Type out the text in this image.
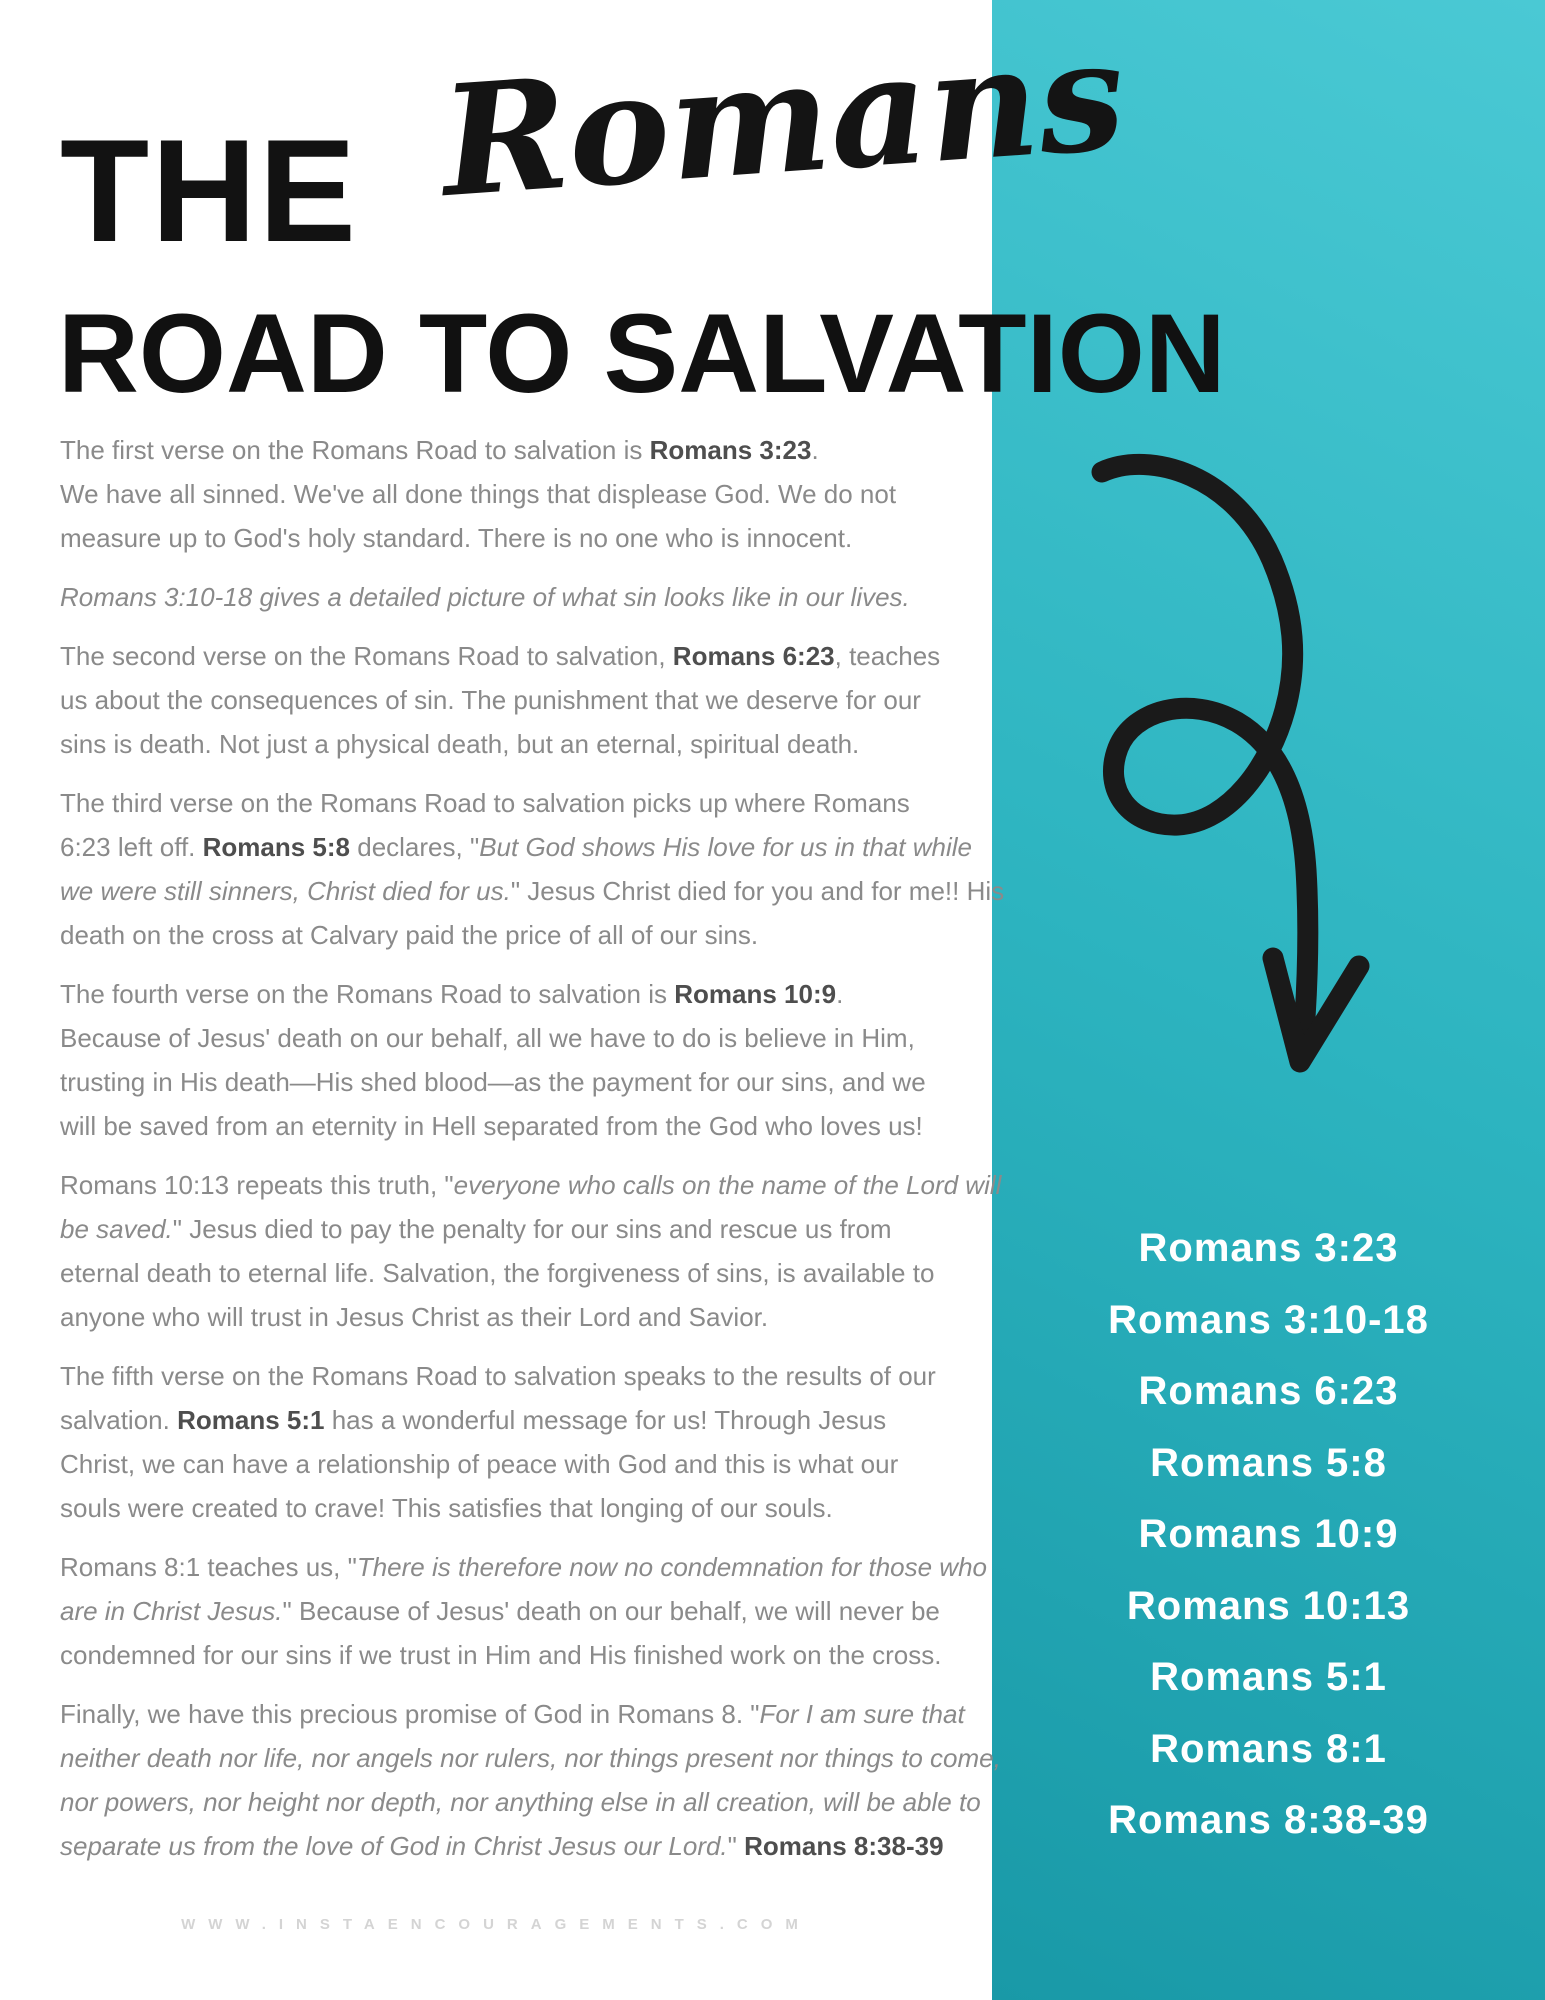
THE Romans
ROAD TO SALVATION
The first verse on the Romans Road to salvation is Romans 3:23.
We have all sinned. We've all done things that displease God. We do not
measure up to God's holy standard. There is no one who is innocent.
Romans 3:10-18 gives a detailed picture of what sin looks like in our lives.
The second verse on the Romans Road to salvation, Romans 6:23, teaches
us about the consequences of sin. The punishment that we deserve for our
sins is death. Not just a physical death, but an eternal, spiritual death.
The third verse on the Romans Road to salvation picks up where Romans
6:23 left off. Romans 5:8 declares, "But God shows His love for us in that while
we were still sinners, Christ died for us." Jesus Christ died for you and for me!! His
death on the cross at Calvary paid the price of all of our sins.
The fourth verse on the Romans Road to salvation is Romans 10:9.
Because of Jesus' death on our behalf, all we have to do is believe in Him,
trusting in His death—His shed blood—as the payment for our sins, and we
will be saved from an eternity in Hell separated from the God who loves us!
Romans 10:13 repeats this truth, "everyone who calls on the name of the Lord will
be saved." Jesus died to pay the penalty for our sins and rescue us from
eternal death to eternal life. Salvation, the forgiveness of sins, is available to
anyone who will trust in Jesus Christ as their Lord and Savior.
The fifth verse on the Romans Road to salvation speaks to the results of our
salvation. Romans 5:1 has a wonderful message for us! Through Jesus
Christ, we can have a relationship of peace with God and this is what our
souls were created to crave! This satisfies that longing of our souls.
Romans 8:1 teaches us, "There is therefore now no condemnation for those who
are in Christ Jesus." Because of Jesus' death on our behalf, we will never be
condemned for our sins if we trust in Him and His finished work on the cross.
Finally, we have this precious promise of God in Romans 8. "For I am sure that
neither death nor life, nor angels nor rulers, nor things present nor things to come,
nor powers, nor height nor depth, nor anything else in all creation, will be able to
separate us from the love of God in Christ Jesus our Lord." Romans 8:38-39
Romans 3:23
Romans 3:10-18
Romans 6:23
Romans 5:8
Romans 10:9
Romans 10:13
Romans 5:1
Romans 8:1
Romans 8:38-39
WWW.INSTAENCOURAGEMENTS.COM
